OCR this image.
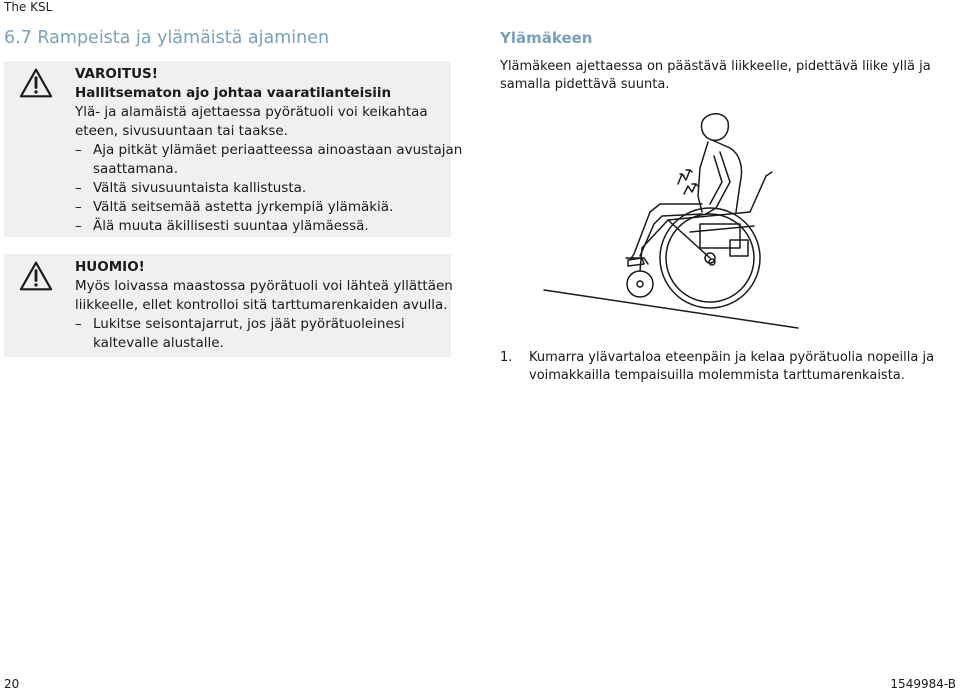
The KSL
6.7 Rampeista ja ylämäistä ajaminen
VAROITUS!
Hallitsematon ajo johtaa vaaratilanteisiin
Ylä- ja alamäistä ajettaessa pyörätuoli voi keikahtaa
eteen, sivusuuntaan tai taakse.
– Aja pitkät ylämäet periaatteessa ainoastaan avustajan
saattamana.
– Vältä sivusuuntaista kallistusta.
– Vältä seitsemää astetta jyrkempiä ylämäkiä.
– Älä muuta äkillisesti suuntaa ylämäessä.
HUOMIO!
Myös loivassa maastossa pyörätuoli voi lähteä yllättäen
liikkeelle, ellet kontrolloi sitä tarttumarenkaiden avulla.
– Lukitse seisontajarrut, jos jäät pyörätuoleinesi
kaltevalle alustalle.
Ylämäkeen
Ylämäkeen ajettaessa on päästävä liikkeelle, pidettävä liike yllä ja
samalla pidettävä suunta.
1.	Kumarra ylävartaloa eteenpäin ja kelaa pyörätuolia nopeilla ja
voimakkailla tempaisuilla molemmista tarttumarenkaista.
20	1549984-B
